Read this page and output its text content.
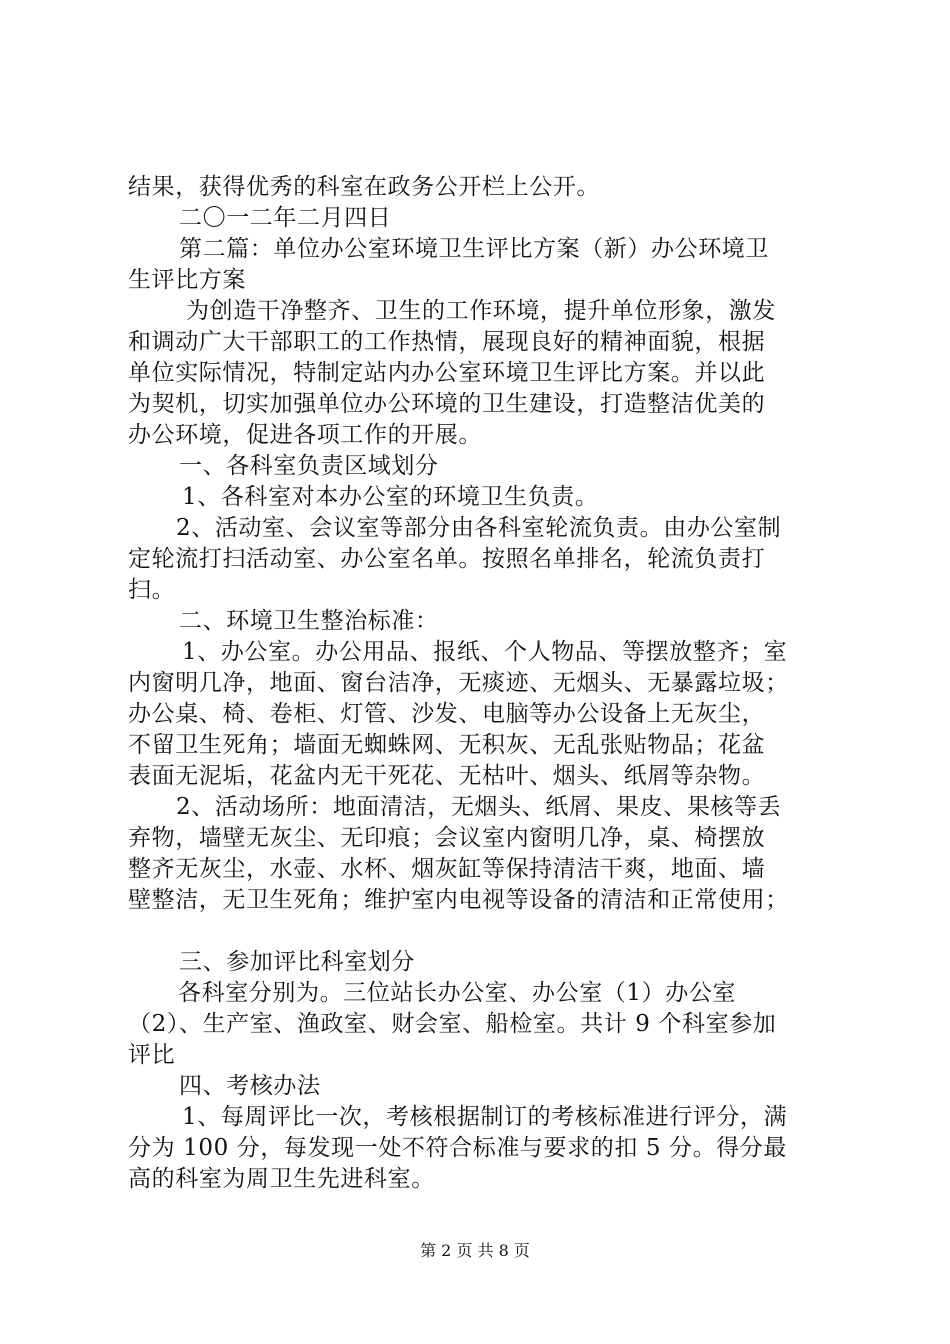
结果，获得优秀的科室在政务公开栏上公开。
二〇一二年二月四日
第二篇：单位办公室环境卫生评比方案（新）办公环境卫
生评比方案
为创造干净整齐、卫生的工作环境，提升单位形象，激发
和调动广大干部职工的工作热情，展现良好的精神面貌，根据
单位实际情况，特制定站内办公室环境卫生评比方案。并以此
为契机，切实加强单位办公环境的卫生建设，打造整洁优美的
办公环境，促进各项工作的开展。
一、各科室负责区域划分
1、各科室对本办公室的环境卫生负责。
2、活动室、会议室等部分由各科室轮流负责。由办公室制
定轮流打扫活动室、办公室名单。按照名单排名，轮流负责打
扫。
二、环境卫生整治标准：
1、办公室。办公用品、报纸、个人物品、等摆放整齐；室
内窗明几净，地面、窗台洁净，无痰迹、无烟头、无暴露垃圾；
办公桌、椅、卷柜、灯管、沙发、电脑等办公设备上无灰尘，
不留卫生死角；墙面无蜘蛛网、无积灰、无乱张贴物品；花盆
表面无泥垢，花盆内无干死花、无枯叶、烟头、纸屑等杂物。
2、活动场所：地面清洁，无烟头、纸屑、果皮、果核等丢
弃物，墙壁无灰尘、无印痕；会议室内窗明几净，桌、椅摆放
整齐无灰尘，水壶、水杯、烟灰缸等保持清洁干爽，地面、墙
壁整洁，无卫生死角；维护室内电视等设备的清洁和正常使用；
三、参加评比科室划分
各科室分别为。三位站长办公室、办公室（1）办公室
（2）、生产室、渔政室、财会室、船检室。共计 9 个科室参加
评比
四、考核办法
1、每周评比一次，考核根据制订的考核标准进行评分，满
分为 100 分，每发现一处不符合标准与要求的扣 5 分。得分最
高的科室为周卫生先进科室。
第 2 页 共 8 页
